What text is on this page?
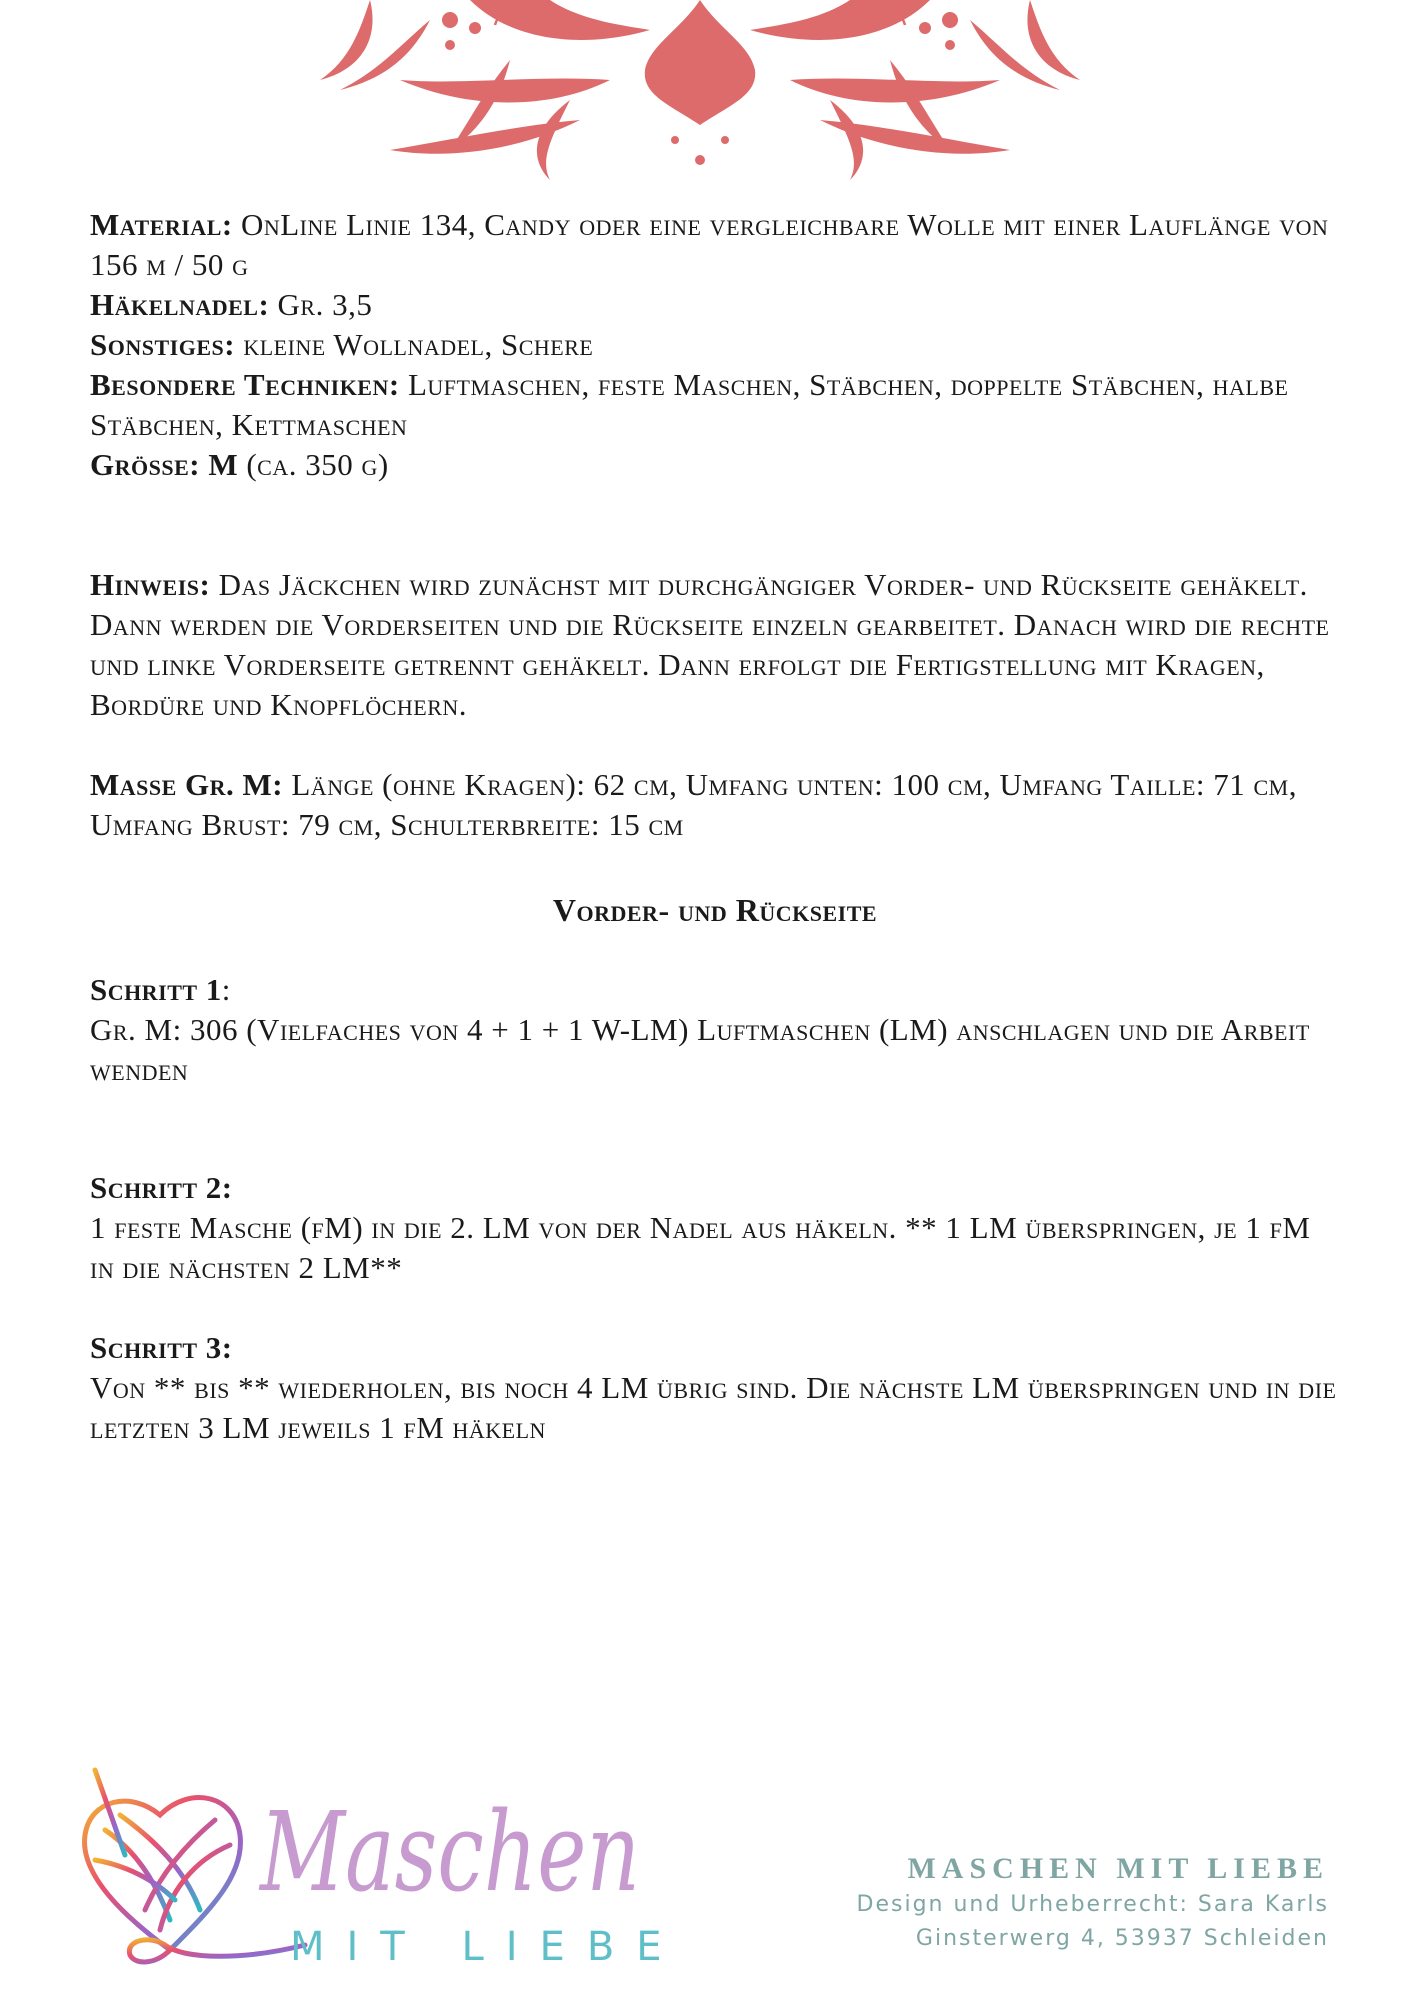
Material: OnLine Linie 134, Candy oder eine vergleichbare Wolle mit einer Lauflänge von 156 m / 50 g

Häkelnadel: Gr. 3,5

Sonstiges: kleine Wollnadel, Schere

Besondere Techniken: Luftmaschen, feste Maschen, Stäbchen, doppelte Stäbchen, halbe Stäbchen, Kettmaschen

Grösse: M (ca. 350 g)

Hinweis: Das Jäckchen wird zunächst mit durchgängiger Vorder- und Rückseite gehäkelt. Dann werden die Vorderseiten und die Rückseite einzeln gearbeitet. Danach wird die rechte und linke Vorderseite getrennt gehäkelt. Dann erfolgt die Fertigstellung mit Kragen, Bordüre und Knopflöchern.

Masse Gr. M: Länge (ohne Kragen): 62 cm, Umfang unten: 100 cm, Umfang Taille: 71 cm, Umfang Brust: 79 cm, Schulterbreite: 15 cm

Vorder- und Rückseite

Schritt 1:

Gr. M: 306 (Vielfaches von 4 + 1 + 1 W-LM) Luftmaschen (LM) anschlagen und die Arbeit wenden

Schritt 2:

1 feste Masche (fM) in die 2. LM von der Nadel aus häkeln. ** 1 LM überspringen, je 1 fM in die nächsten 2 LM**

Schritt 3:

Von ** bis ** wiederholen, bis noch 4 LM übrig sind. Die nächste LM überspringen und in die letzten 3 LM jeweils 1 fM häkeln

Maschen
MIT LIEBE
MASCHEN MIT LIEBE
Design und Urheberrecht: Sara Karls
Ginsterwerg 4, 53937 Schleiden
